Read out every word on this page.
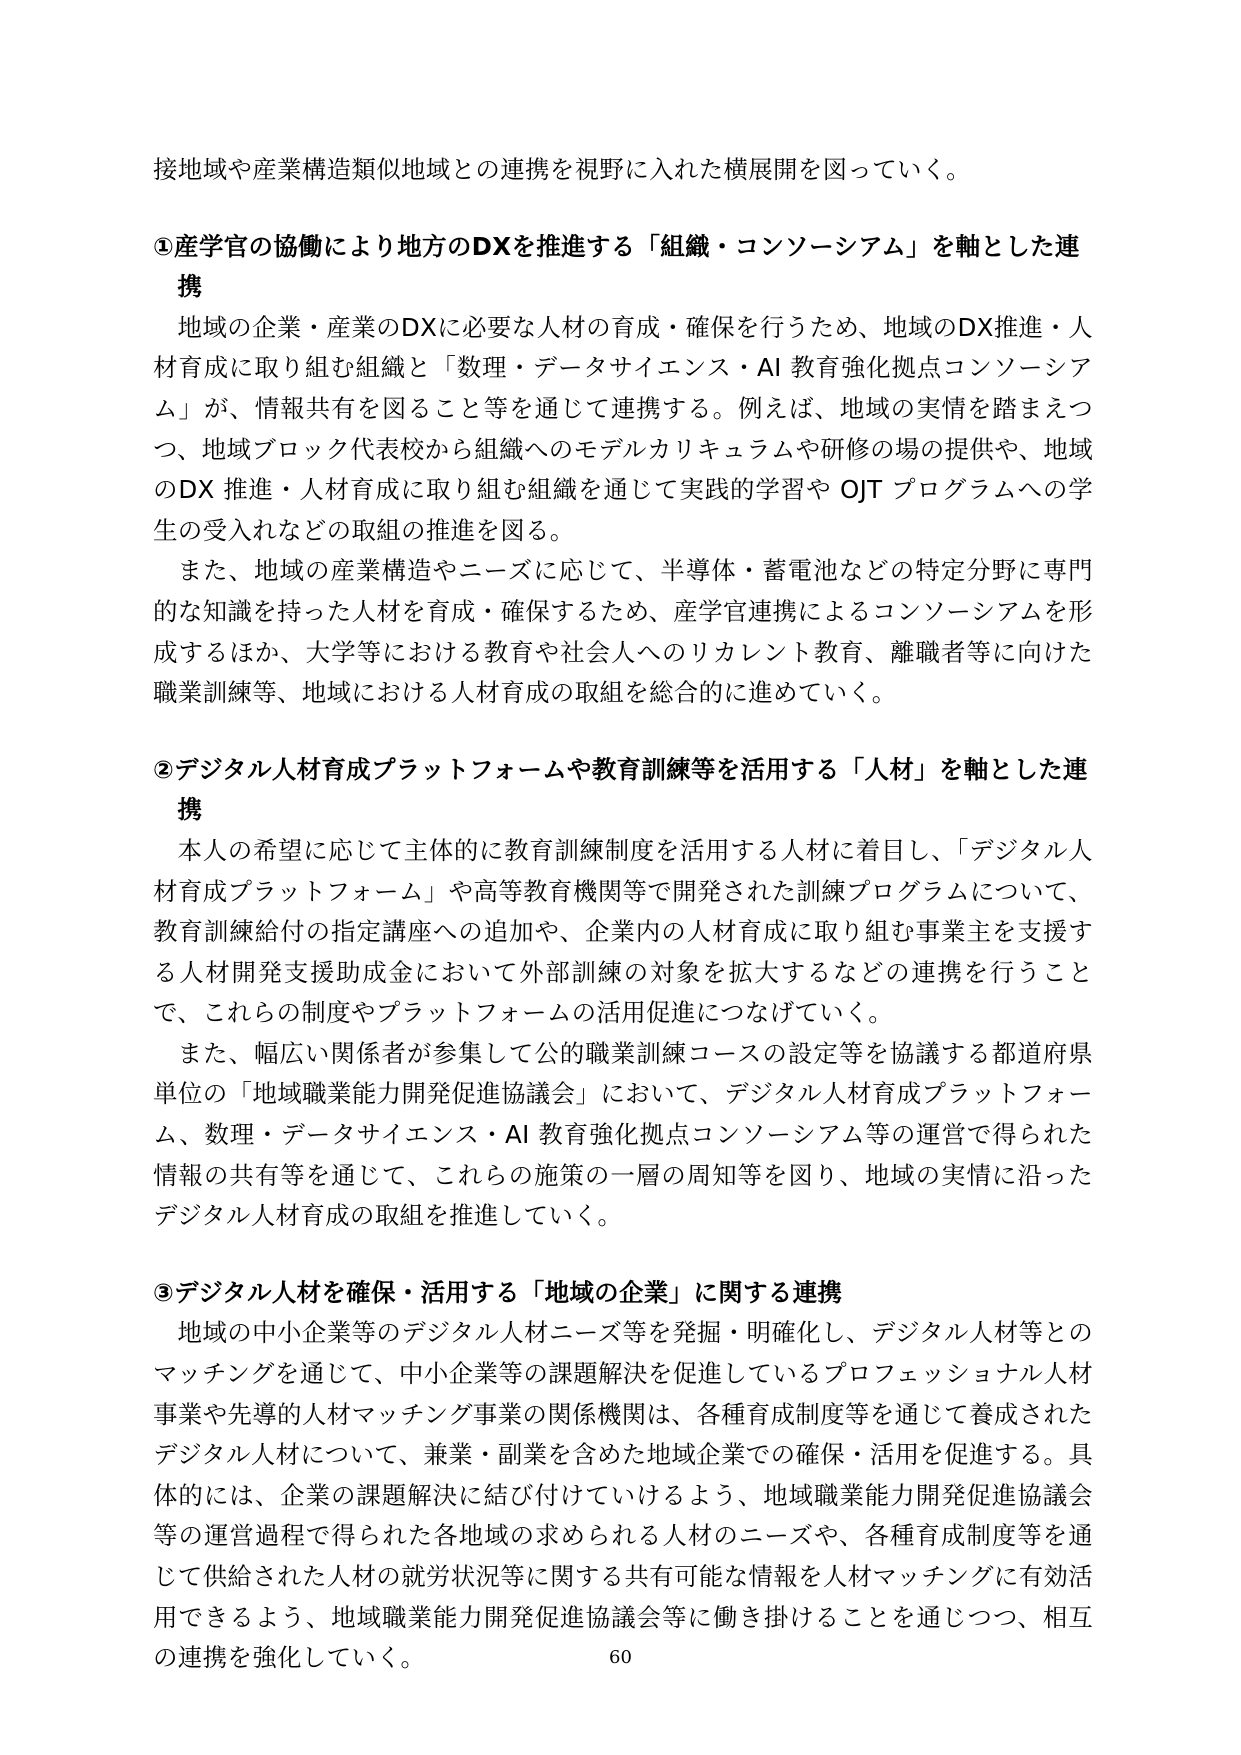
接地域や産業構造類似地域との連携を視野に入れた横展開を図っていく。

①産学官の協働により地方のDXを推進する「組織・コンソーシアム」を軸とした連携

地域の企業・産業のDXに必要な人材の育成・確保を行うため、地域のDX推進・人材育成に取り組む組織と「数理・データサイエンス・AI 教育強化拠点コンソーシアム」が、情報共有を図ること等を通じて連携する。例えば、地域の実情を踏まえつつ、地域ブロック代表校から組織へのモデルカリキュラムや研修の場の提供や、地域のDX 推進・人材育成に取り組む組織を通じて実践的学習や OJT プログラムへの学生の受入れなどの取組の推進を図る。

また、地域の産業構造やニーズに応じて、半導体・蓄電池などの特定分野に専門的な知識を持った人材を育成・確保するため、産学官連携によるコンソーシアムを形成するほか、大学等における教育や社会人へのリカレント教育、離職者等に向けた職業訓練等、地域における人材育成の取組を総合的に進めていく。

②デジタル人材育成プラットフォームや教育訓練等を活用する「人材」を軸とした連携

本人の希望に応じて主体的に教育訓練制度を活用する人材に着目し、「デジタル人材育成プラットフォーム」や高等教育機関等で開発された訓練プログラムについて、教育訓練給付の指定講座への追加や、企業内の人材育成に取り組む事業主を支援する人材開発支援助成金において外部訓練の対象を拡大するなどの連携を行うことで、これらの制度やプラットフォームの活用促進につなげていく。

また、幅広い関係者が参集して公的職業訓練コースの設定等を協議する都道府県単位の「地域職業能力開発促進協議会」において、デジタル人材育成プラットフォーム、数理・データサイエンス・AI 教育強化拠点コンソーシアム等の運営で得られた情報の共有等を通じて、これらの施策の一層の周知等を図り、地域の実情に沿ったデジタル人材育成の取組を推進していく。

③デジタル人材を確保・活用する「地域の企業」に関する連携

地域の中小企業等のデジタル人材ニーズ等を発掘・明確化し、デジタル人材等とのマッチングを通じて、中小企業等の課題解決を促進しているプロフェッショナル人材事業や先導的人材マッチング事業の関係機関は、各種育成制度等を通じて養成されたデジタル人材について、兼業・副業を含めた地域企業での確保・活用を促進する。具体的には、企業の課題解決に結び付けていけるよう、地域職業能力開発促進協議会等の運営過程で得られた各地域の求められる人材のニーズや、各種育成制度等を通じて供給された人材の就労状況等に関する共有可能な情報を人材マッチングに有効活用できるよう、地域職業能力開発促進協議会等に働き掛けることを通じつつ、相互の連携を強化していく。	60
